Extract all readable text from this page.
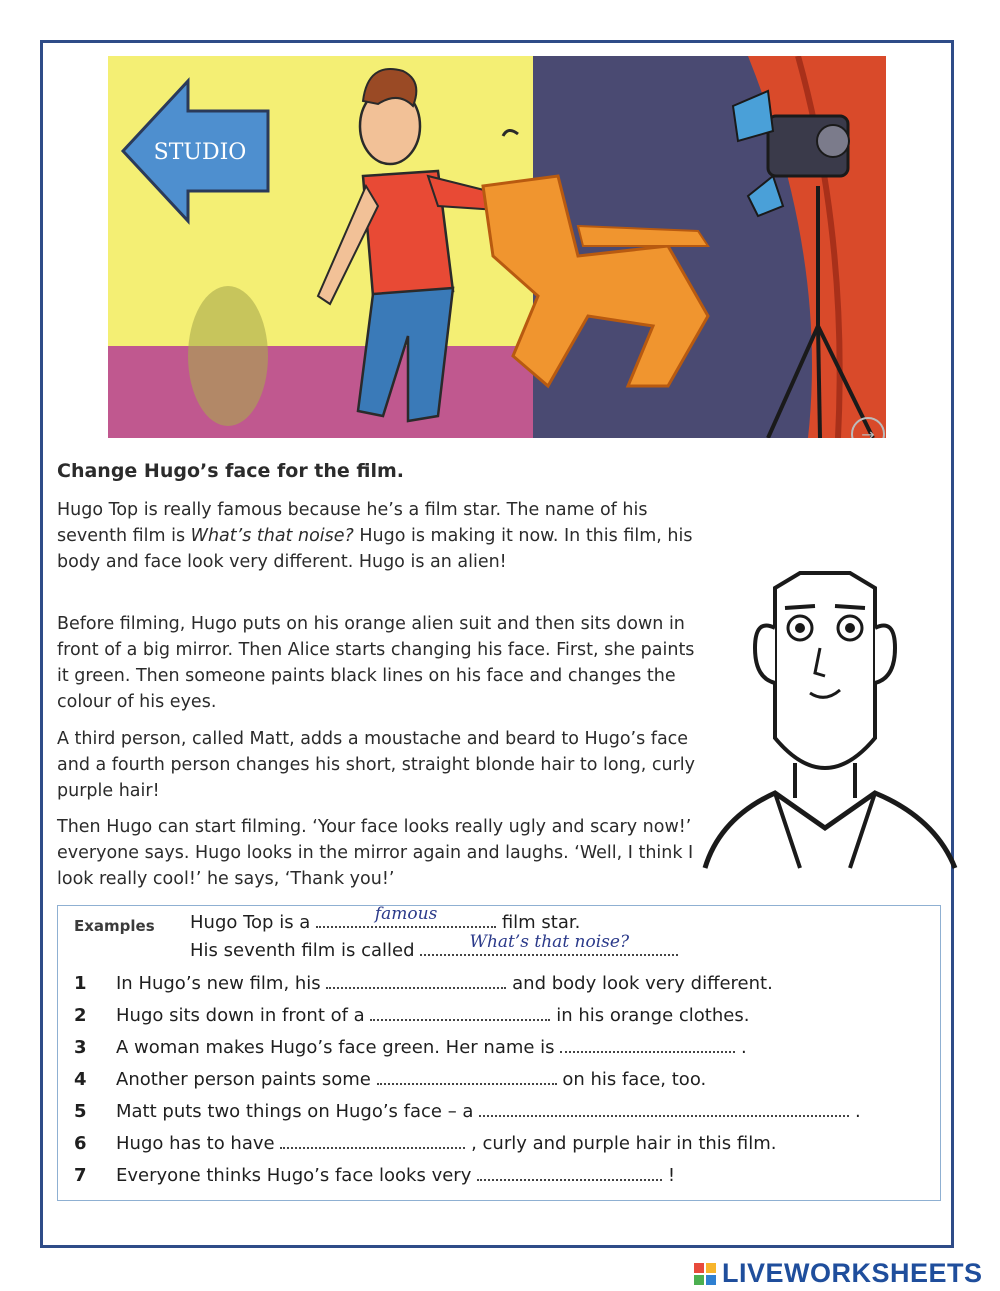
STUDIO
→
Change Hugo’s face for the film.

Hugo Top is really famous because he’s a film star. The name of his seventh film is What’s that noise? Hugo is making it now. In this film, his body and face look very different. Hugo is an alien!

Before filming, Hugo puts on his orange alien suit and then sits down in front of a big mirror. Then Alice starts changing his face. First, she paints it green. Then someone paints black lines on his face and changes the colour of his eyes.

A third person, called Matt, adds a moustache and beard to Hugo’s face and a fourth person changes his short, straight blonde hair to long, curly purple hair!

Then Hugo can start filming. ‘Your face looks really ugly and scary now!’ everyone says. Hugo looks in the mirror again and laughs. ‘Well, I think I look really cool!’ he says, ‘Thank you!’

Examples Hugo Top is a	famous	film star.
His seventh film is called	What’s that noise?
1 In Hugo’s new film, his	and body look very different.
2 Hugo sits down in front of a	in his orange clothes.
3 A woman makes Hugo’s face green. Her name is	.
4 Another person paints some	on his face, too.
5 Matt puts two things on Hugo’s face – a	.
6 Hugo has to have	, curly and purple hair in this film.
7 Everyone thinks Hugo’s face looks very	!
LIVEWORKSHEETS
